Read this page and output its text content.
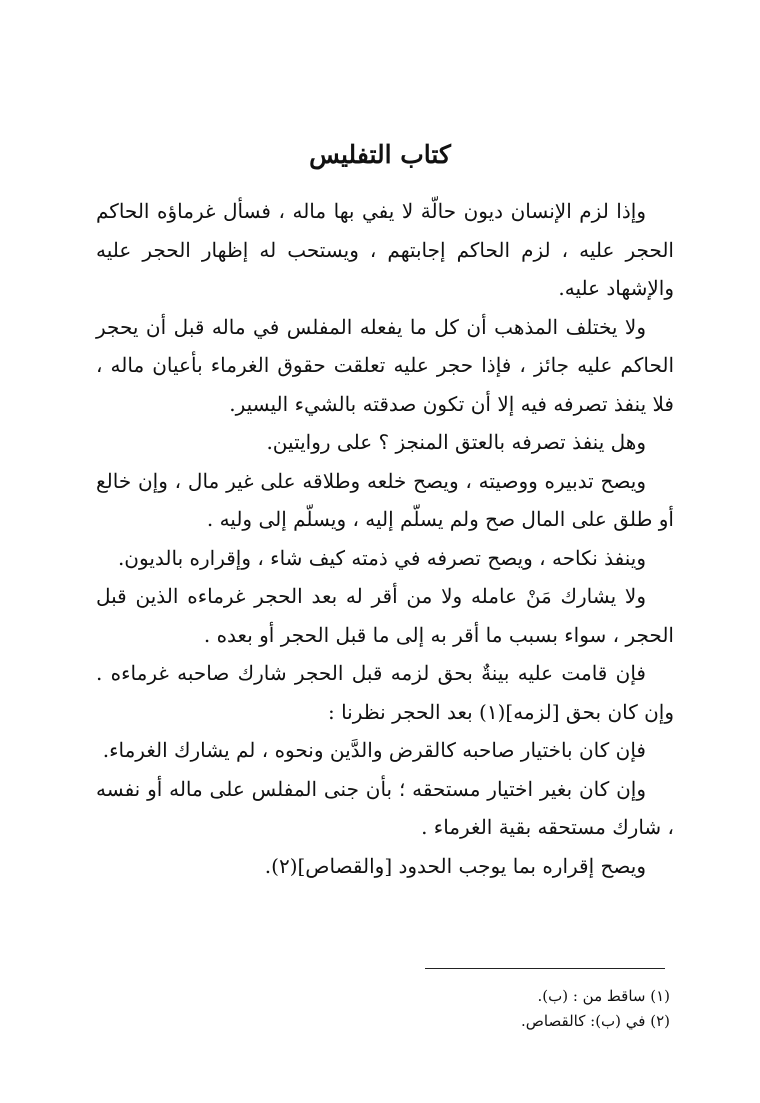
كتاب التفليس

وإذا لزم الإنسان ديون حالّة لا يفي بها ماله ، فسأل غرماؤه الحاكم الحجر عليه ، لزم الحاكم إجابتهم ، ويستحب له إظهار الحجر عليه والإشهاد عليه.

ولا يختلف المذهب أن كل ما يفعله المفلس في ماله قبل أن يحجر الحاكم عليه جائز ، فإذا حجر عليه تعلقت حقوق الغرماء بأعيان ماله ، فلا ينفذ تصرفه فيه إلا أن تكون صدقته بالشيء اليسير.

وهل ينفذ تصرفه بالعتق المنجز ؟ على روايتين.

ويصح تدبيره ووصيته ، ويصح خلعه وطلاقه على غير مال ، وإن خالع أو طلق على المال صح ولم يسلّم إليه ، ويسلّم إلى وليه .

وينفذ نكاحه ، ويصح تصرفه في ذمته كيف شاء ، وإقراره بالديون.

ولا يشارك مَنْ عامله ولا من أقر له بعد الحجر غرماءه الذين قبل الحجر ، سواء بسبب ما أقر به إلى ما قبل الحجر أو بعده .

فإن قامت عليه بينةٌ بحق لزمه قبل الحجر شارك صاحبه غرماءه . وإن كان بحق [لزمه](١) بعد الحجر نظرنا :

فإن كان باختيار صاحبه كالقرض والدَّين ونحوه ، لم يشارك الغرماء.

وإن كان بغير اختيار مستحقه ؛ بأن جنى المفلس على ماله أو نفسه ، شارك مستحقه بقية الغرماء .

ويصح إقراره بما يوجب الحدود [والقصاص](٢).

(١) ساقط من : (ب).
(٢) في (ب): كالقصاص.
